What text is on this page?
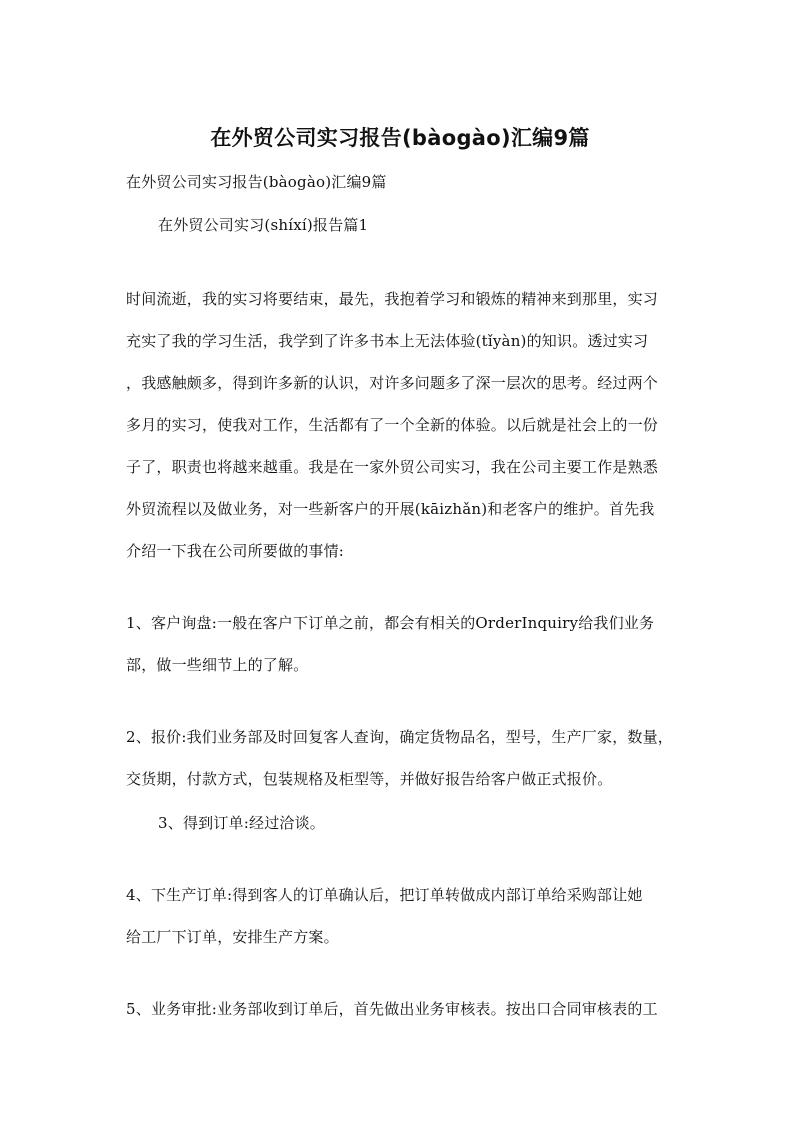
在外贸公司实习报告(bàogào)汇编9篇
在外贸公司实习报告(bàogào)汇编9篇
在外贸公司实习(shíxí)报告篇1
时间流逝，我的实习将要结束，最先，我抱着学习和锻炼的精神来到那里，实习
充实了我的学习生活，我学到了许多书本上无法体验(tǐyàn)的知识。透过实习
，我感触颇多，得到许多新的认识，对许多问题多了深一层次的思考。经过两个
多月的实习，使我对工作，生活都有了一个全新的体验。以后就是社会上的一份
子了，职责也将越来越重。我是在一家外贸公司实习，我在公司主要工作是熟悉
外贸流程以及做业务，对一些新客户的开展(kāizhǎn)和老客户的维护。首先我
介绍一下我在公司所要做的事情:
1、客户询盘:一般在客户下订单之前，都会有相关的OrderInquiry给我们业务
部，做一些细节上的了解。
2、报价:我们业务部及时回复客人查询，确定货物品名，型号，生产厂家，数量，
交货期，付款方式，包装规格及柜型等，并做好报告给客户做正式报价。
3、得到订单:经过洽谈。
4、下生产订单:得到客人的订单确认后，把订单转做成内部订单给采购部让她
给工厂下订单，安排生产方案。
5、业务审批:业务部收到订单后，首先做出业务审核表。按出口合同审核表的工
